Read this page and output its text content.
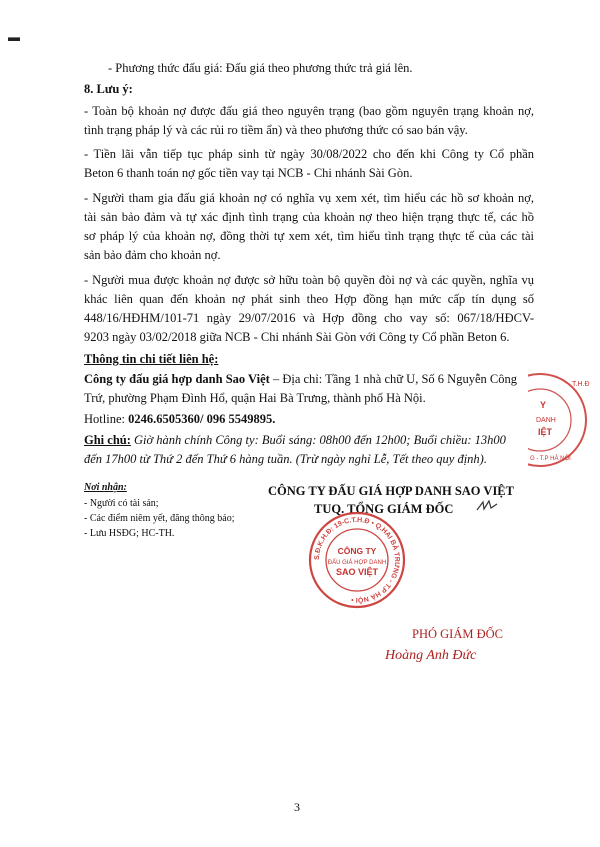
▬
- Phương thức đấu giá: Đấu giá theo phương thức trả giá lên.
8. Lưu ý:
- Toàn bộ khoản nợ được đấu giá theo nguyên trạng (bao gồm nguyên trạng khoản nợ,
tình trạng pháp lý và các rủi ro tiềm ẩn) và theo phương thức có sao bán vậy.
- Tiền lãi vẫn tiếp tục pháp sinh từ ngày 30/08/2022 cho đến khi Công ty Cổ phần
Beton 6 thanh toán nợ gốc tiền vay tại NCB - Chi nhánh Sài Gòn.
- Người tham gia đấu giá khoản nợ có nghĩa vụ xem xét, tìm hiểu các hồ sơ khoản nợ,
tài sản bảo đảm và tự xác định tình trạng của khoản nợ theo hiện trạng thực tế, các hồ
sơ pháp lý của khoản nợ, đồng thời tự xem xét, tìm hiểu tình trạng thực tế của các tài
sản bảo đảm cho khoản nợ.
- Người mua được khoản nợ được sở hữu toàn bộ quyền đòi nợ và các quyền, nghĩa vụ
khác liên quan đến khoản nợ phát sinh theo Hợp đồng hạn mức cấp tín dụng số
448/16/HĐHM/101-71 ngày 29/07/2016 và Hợp đồng cho vay số: 067/18/HĐCV-
9203 ngày 03/02/2018 giữa NCB - Chi nhánh Sài Gòn với Công ty Cổ phần Beton 6.
Thông tin chi tiết liên hệ:
Công ty đấu giá hợp danh Sao Việt – Địa chỉ: Tầng 1 nhà chữ U, Số 6 Nguyễn Công
Trứ, phường Phạm Đình Hổ, quận Hai Bà Trưng, thành phố Hà Nội.
Hotline: 0246.6505360/ 096 5549895.
Ghi chú: Giờ hành chính Công ty: Buổi sáng: 08h00 đến 12h00; Buổi chiều: 13h00
đến 17h00 từ Thứ 2 đến Thứ 6 hàng tuần. (Trừ ngày nghỉ Lễ, Tết theo quy định).
Nơi nhận:
- Người có tài sản;
- Các điểm niêm yết, đăng thông báo;
- Lưu HSĐG; HC-TH.
CÔNG TY ĐẤU GIÁ HỢP DANH SAO VIỆT
TUQ. TỔNG GIÁM ĐỐC
S.Đ.K.H.Đ: 19-C.T.H.Đ • Q.HAI BÀ TRƯNG - T.P HÀ NỘI •
CÔNG TY
ĐẤU GIÁ HỢP DANH
SAO VIỆT
T.H.Đ
Y
DANH
IỆT
G - T.P HÀ NỘI
PHÓ GIÁM ĐỐC
Hoàng Anh Đức
3
